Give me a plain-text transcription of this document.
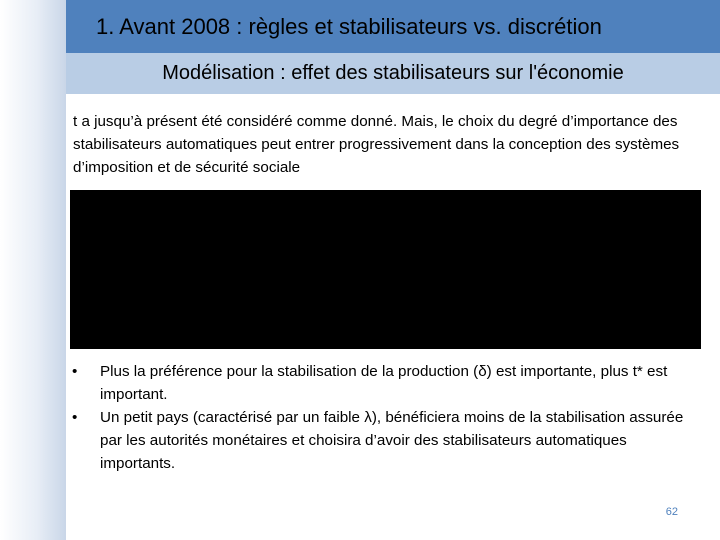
1. Avant 2008 : règles et stabilisateurs vs. discrétion
Modélisation : effet des stabilisateurs sur l'économie
t a jusqu’à présent été considéré comme donné. Mais, le choix du degré d’importance des stabilisateurs automatiques peut entrer progressivement dans la conception des systèmes d’imposition et de sécurité sociale
•	Plus la préférence pour la stabilisation de la production (δ) est importante, plus t* est important.
•	Un petit pays (caractérisé par un faible λ), bénéficiera moins de la stabilisation assurée par les autorités monétaires et choisira d’avoir des stabilisateurs automatiques importants.
62
